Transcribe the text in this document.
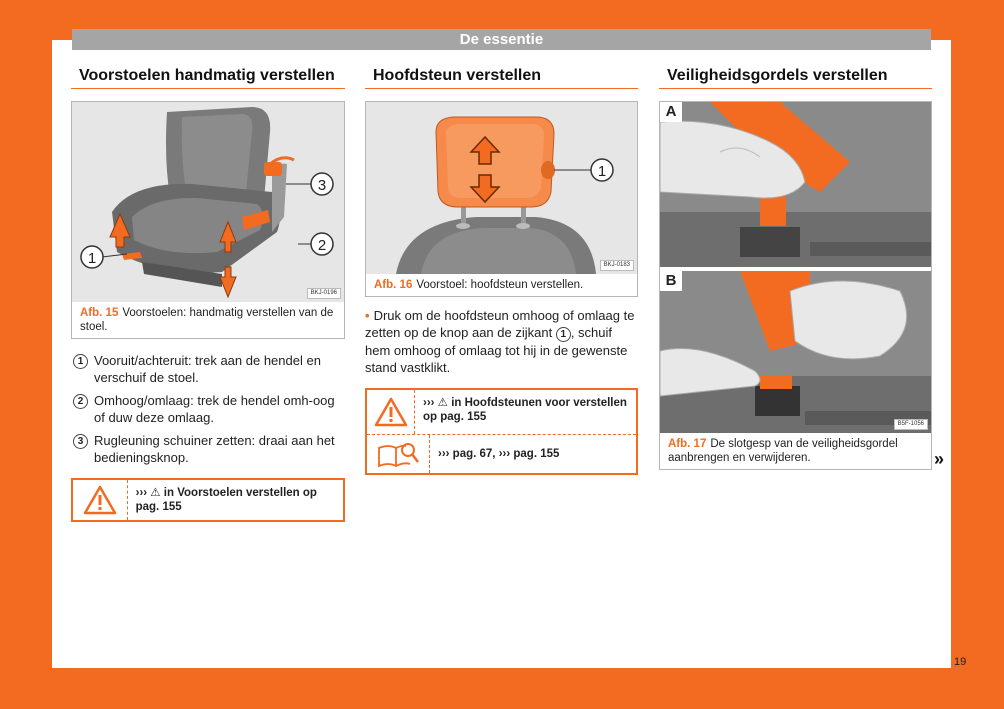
De essentie
Voorstoelen handmatig verstellen
1
2
3
BKJ-0196
Afb. 15 Voorstoelen: handmatig verstellen van de stoel.
1 Vooruit/achteruit: trek aan de hendel en verschuif de stoel.
2 Omhoog/omlaag: trek de hendel omh-oog of duw deze omlaag.
3 Rugleuning schuiner zetten: draai aan het bedieningsknop.
››› ⚠ in Voorstoelen verstellen op pag. 155
Hoofdsteun verstellen
1
BKJ-0183
Afb. 16 Voorstoel: hoofdsteun verstellen.
• Druk om de hoofdsteun omhoog of omlaag te zetten op de knop aan de zijkant 1 , schuif hem omhoog of omlaag tot hij in de gewenste stand vastklikt.
››› ⚠ in Hoofdsteunen voor verstellen op pag. 155
››› pag. 67, ››› pag. 155
Veiligheidsgordels verstellen
A
B
B5F-1056
Afb. 17 De slotgesp van de veiligheidsgordel aanbrengen en verwijderen.	»
19
